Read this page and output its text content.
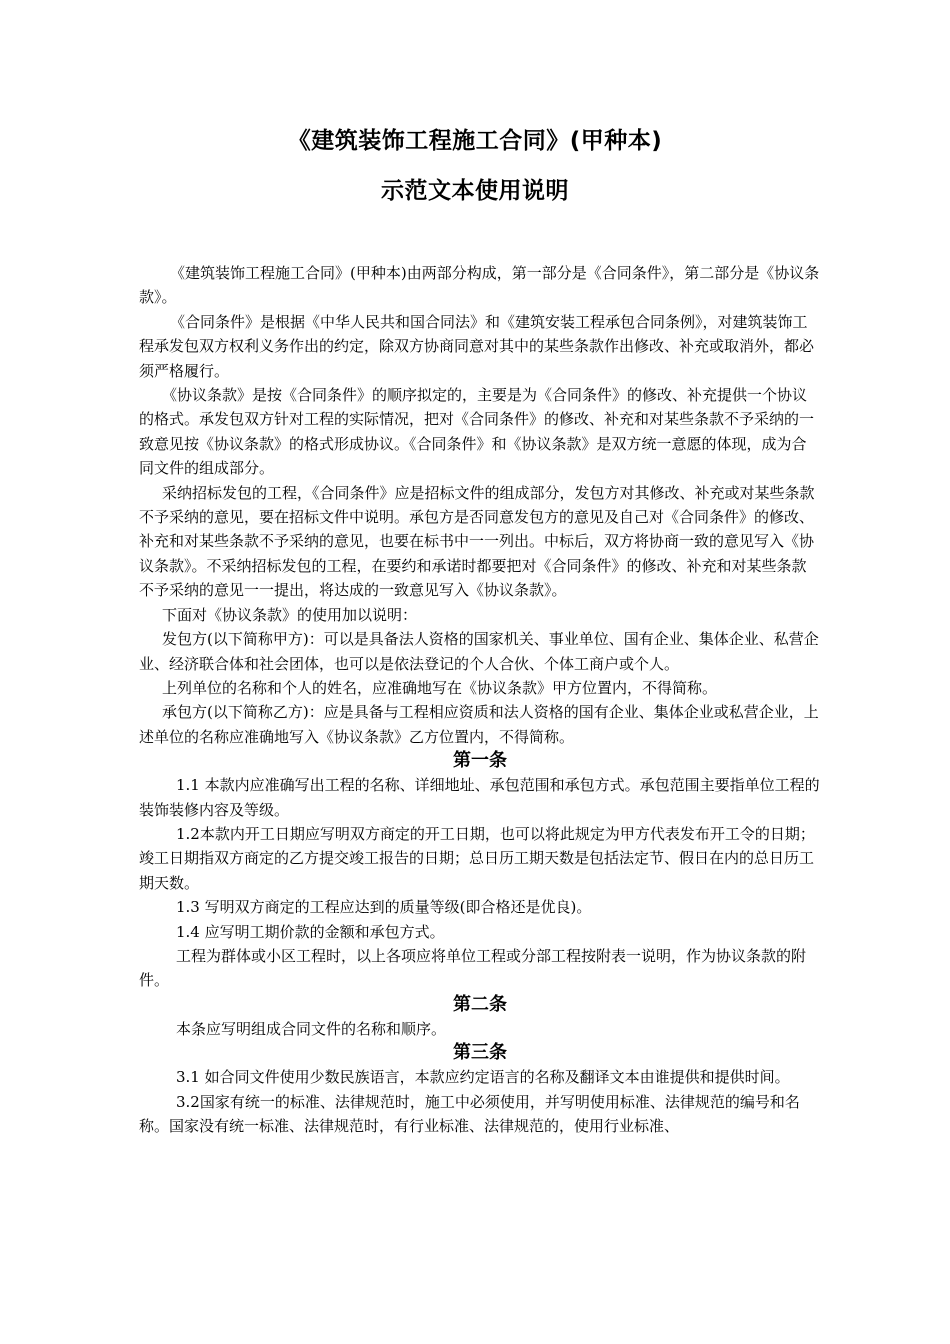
《建筑装饰工程施工合同》(甲种本)
示范文本使用说明

《建筑装饰工程施工合同》(甲种本)由两部分构成，第一部分是《合同条件》，第二部分是《协议条款》。

《合同条件》是根据《中华人民共和国合同法》和《建筑安装工程承包合同条例》，对建筑装饰工程承发包双方权利义务作出的约定，除双方协商同意对其中的某些条款作出修改、补充或取消外，都必须严格履行。

《协议条款》是按《合同条件》的顺序拟定的，主要是为《合同条件》的修改、补充提供一个协议的格式。承发包双方针对工程的实际情况，把对《合同条件》的修改、补充和对某些条款不予采纳的一致意见按《协议条款》的格式形成协议。《合同条件》和《协议条款》是双方统一意愿的体现，成为合同文件的组成部分。

采纳招标发包的工程，《合同条件》应是招标文件的组成部分，发包方对其修改、补充或对某些条款不予采纳的意见，要在招标文件中说明。承包方是否同意发包方的意见及自己对《合同条件》的修改、补充和对某些条款不予采纳的意见，也要在标书中一一列出。中标后，双方将协商一致的意见写入《协议条款》。不采纳招标发包的工程，在要约和承诺时都要把对《合同条件》的修改、补充和对某些条款不予采纳的意见一一提出，将达成的一致意见写入《协议条款》。

下面对《协议条款》的使用加以说明：

发包方(以下简称甲方)：可以是具备法人资格的国家机关、事业单位、国有企业、集体企业、私营企业、经济联合体和社会团体，也可以是依法登记的个人合伙、个体工商户或个人。

上列单位的名称和个人的姓名，应准确地写在《协议条款》甲方位置内，不得简称。

承包方(以下简称乙方)：应是具备与工程相应资质和法人资格的国有企业、集体企业或私营企业，上述单位的名称应准确地写入《协议条款》乙方位置内，不得简称。

第一条

1.1 本款内应准确写出工程的名称、详细地址、承包范围和承包方式。承包范围主要指单位工程的装饰装修内容及等级。

1.2本款内开工日期应写明双方商定的开工日期，也可以将此规定为甲方代表发布开工令的日期；竣工日期指双方商定的乙方提交竣工报告的日期；总日历工期天数是包括法定节、假日在内的总日历工期天数。

1.3 写明双方商定的工程应达到的质量等级(即合格还是优良)。

1.4 应写明工期价款的金额和承包方式。

工程为群体或小区工程时，以上各项应将单位工程或分部工程按附表一说明，作为协议条款的附件。

第二条

本条应写明组成合同文件的名称和顺序。

第三条

3.1 如合同文件使用少数民族语言，本款应约定语言的名称及翻译文本由谁提供和提供时间。

3.2国家有统一的标准、法律规范时，施工中必须使用，并写明使用标准、法律规范的编号和名称。国家没有统一标准、法律规范时，有行业标准、法律规范的，使用行业标准、
